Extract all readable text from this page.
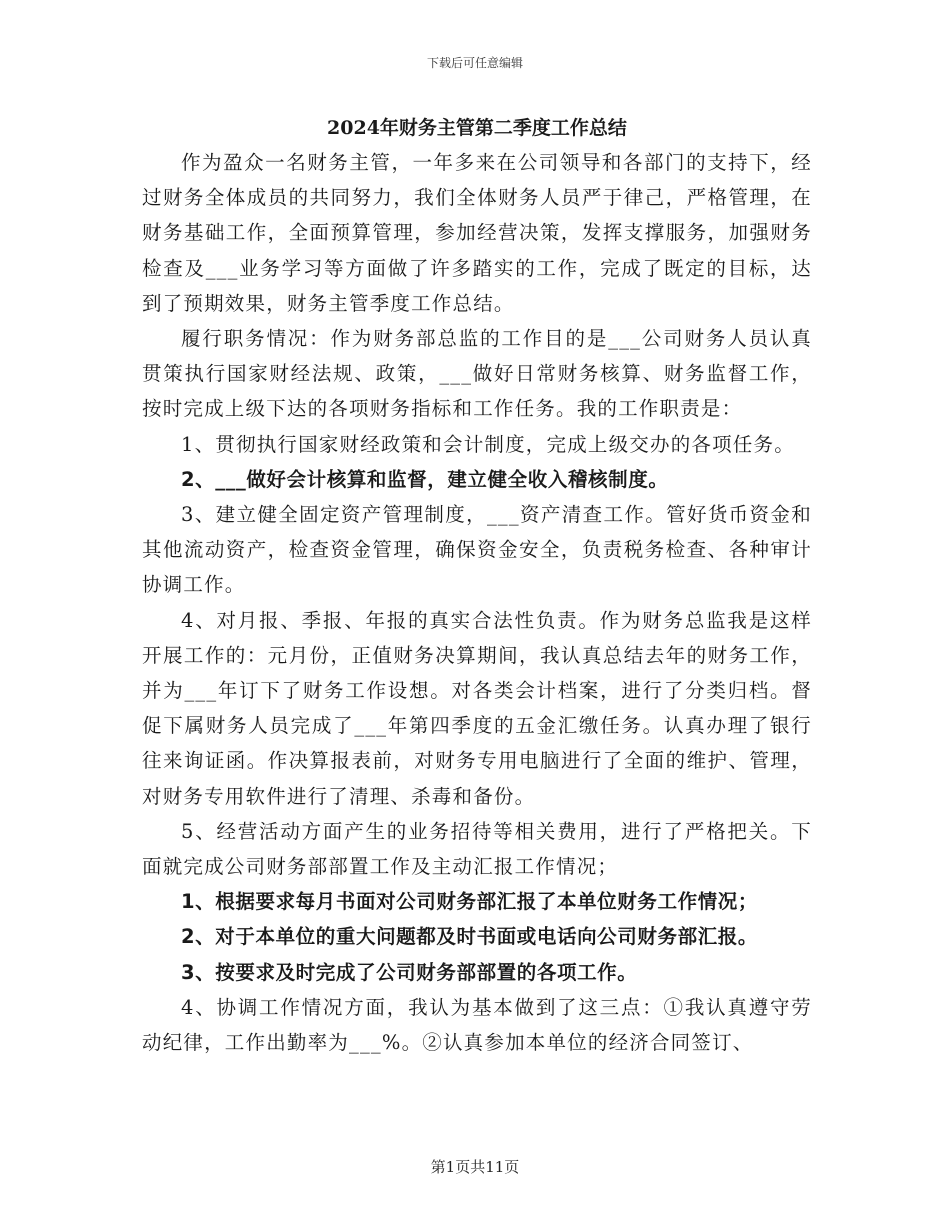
下载后可任意编辑
2024年财务主管第二季度工作总结

作为盈众一名财务主管，一年多来在公司领导和各部门的支持下，经过财务全体成员的共同努力，我们全体财务人员严于律己，严格管理，在财务基础工作，全面预算管理，参加经营决策，发挥支撑服务，加强财务检查及___业务学习等方面做了许多踏实的工作，完成了既定的目标，达到了预期效果，财务主管季度工作总结。

履行职务情况：作为财务部总监的工作目的是___公司财务人员认真贯策执行国家财经法规、政策，___做好日常财务核算、财务监督工作，按时完成上级下达的各项财务指标和工作任务。我的工作职责是：

1、贯彻执行国家财经政策和会计制度，完成上级交办的各项任务。

2、___做好会计核算和监督，建立健全收入稽核制度。

3、建立健全固定资产管理制度，___资产清查工作。管好货币资金和其他流动资产，检查资金管理，确保资金安全，负责税务检查、各种审计协调工作。

4、对月报、季报、年报的真实合法性负责。作为财务总监我是这样开展工作的：元月份，正值财务决算期间，我认真总结去年的财务工作，并为___年订下了财务工作设想。对各类会计档案，进行了分类归档。督促下属财务人员完成了___年第四季度的五金汇缴任务。认真办理了银行往来询证函。作决算报表前，对财务专用电脑进行了全面的维护、管理，对财务专用软件进行了清理、杀毒和备份。

5、经营活动方面产生的业务招待等相关费用，进行了严格把关。下面就完成公司财务部部置工作及主动汇报工作情况；

1、根据要求每月书面对公司财务部汇报了本单位财务工作情况；

2、对于本单位的重大问题都及时书面或电话向公司财务部汇报。

3、按要求及时完成了公司财务部部置的各项工作。

4、协调工作情况方面，我认为基本做到了这三点：①我认真遵守劳动纪律，工作出勤率为___%。②认真参加本单位的经济合同签订、

第1页共11页
